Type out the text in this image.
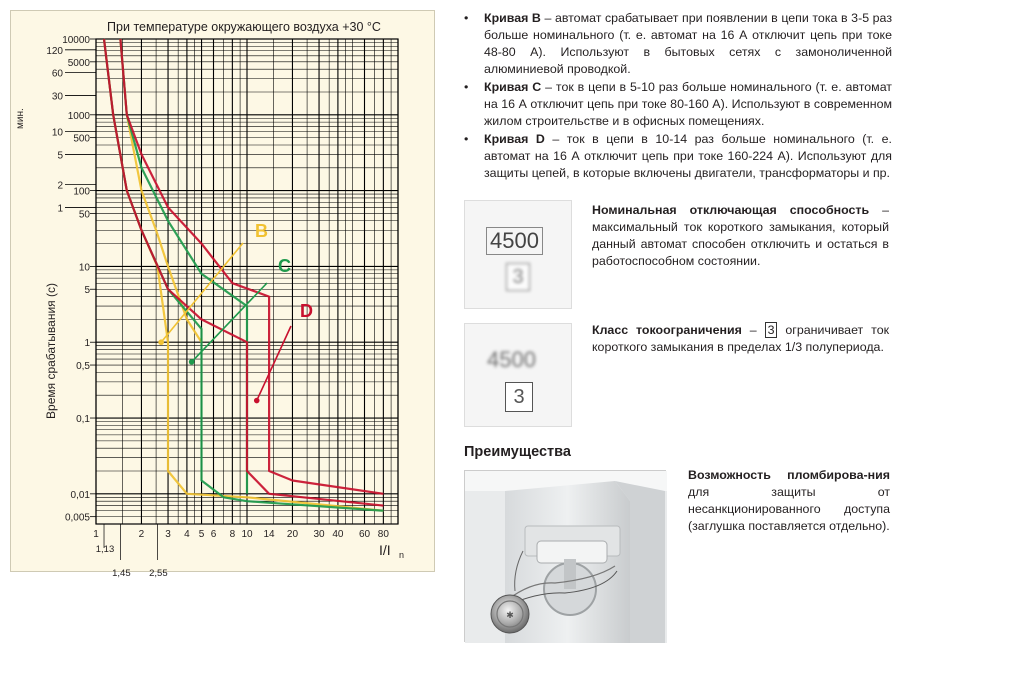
При температуре окружающего воздуха +30 °С
10000
5000
1000
500
100
50
10
5
1
0,5
0,1
0,01
0,005
120
60
30
10
5
2
1
мин.
Время срабатывания (с)
1	2 3 4 5 6 8 10 14 20 30 40 60 80
1,13
1,45 2,55
I/I n
B
C
D
• Кривая B – автомат срабатывает при появлении в цепи тока в 3-5 раз больше номинального (т. е. автомат на 16 А отключит цепь при токе 48-80 А). Используют в бытовых сетях с замоноличенной алюминиевой проводкой.
• Кривая C – ток в цепи в 5-10 раз больше номинального (т. е. автомат на 16 А отключит цепь при токе 80-160 А). Используют в современном жилом строительстве и в офисных помещениях.
• Кривая D – ток в цепи в 10-14 раз больше номинального (т. е. автомат на 16 А отключит цепь при токе 160-224 А). Используют для защиты цепей, в которые включены двигатели, трансформаторы и пр.
4500
3
Номинальная отключающая способность – максимальный ток короткого замыкания, который данный автомат способен отключить и остаться в работоспособном состоянии.
4500
3
Класс токоограничения – 3 ограничивает ток короткого замыкания в пределах 1/3 полупериода.
Преимущества
✱
Возможность пломбирова-ния для защиты от несанкционированного доступа (заглушка поставляется отдельно).
